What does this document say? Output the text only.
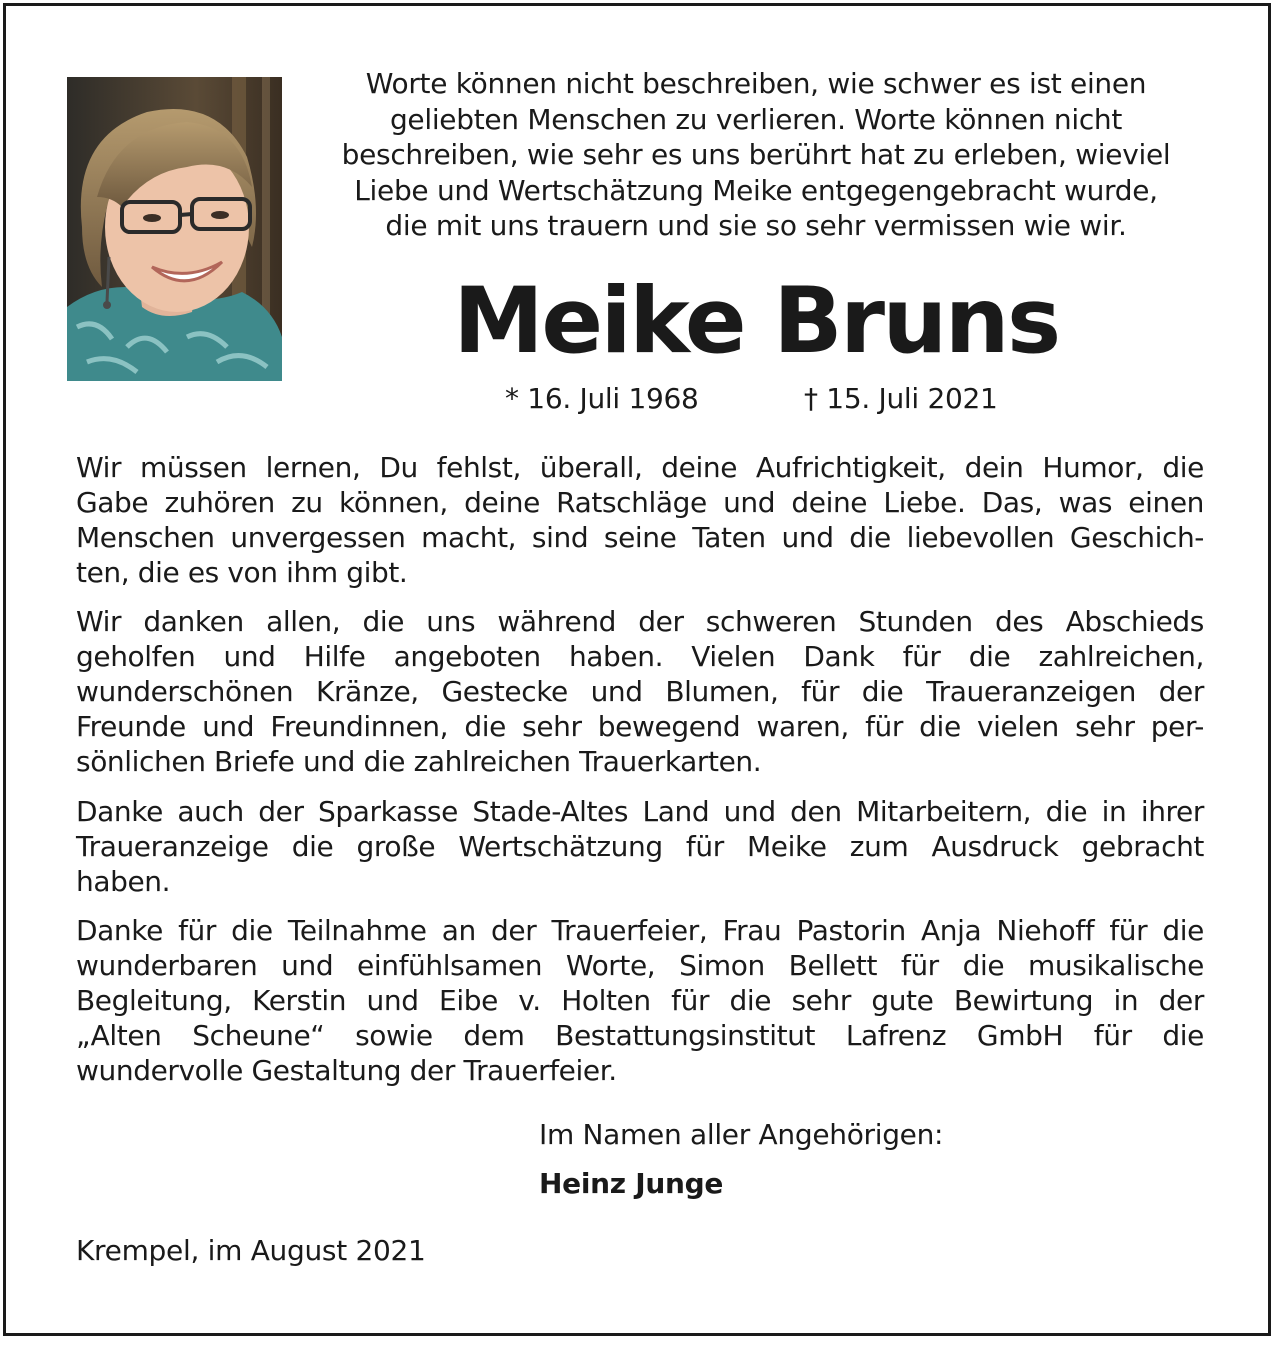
Worte können nicht beschreiben, wie schwer es ist einen
geliebten Menschen zu verlieren. Worte können nicht
beschreiben, wie sehr es uns berührt hat zu erleben, wieviel
Liebe und Wertschätzung Meike entgegengebracht wurde,
die mit uns trauern und sie so sehr vermissen wie wir.
Meike Bruns
* 16. Juli 1968	† 15. Juli 2021
Wir müssen lernen, Du fehlst, überall, deine Aufrichtigkeit, dein Humor, die
Gabe zuhören zu können, deine Ratschläge und deine Liebe. Das, was einen
Menschen unvergessen macht, sind seine Taten und die liebevollen Geschich-
ten, die es von ihm gibt.
Wir danken allen, die uns während der schweren Stunden des Abschieds
geholfen und Hilfe angeboten haben. Vielen Dank für die zahlreichen,
wunderschönen Kränze, Gestecke und Blumen, für die Traueranzeigen der
Freunde und Freundinnen, die sehr bewegend waren, für die vielen sehr per-
sönlichen Briefe und die zahlreichen Trauerkarten.
Danke auch der Sparkasse Stade-Altes Land und den Mitarbeitern, die in ihrer
Traueranzeige die große Wertschätzung für Meike zum Ausdruck gebracht
haben.
Danke für die Teilnahme an der Trauerfeier, Frau Pastorin Anja Niehoff für die
wunderbaren und einfühlsamen Worte, Simon Bellett für die musikalische
Begleitung, Kerstin und Eibe v. Holten für die sehr gute Bewirtung in der
„Alten Scheune“ sowie dem Bestattungsinstitut Lafrenz GmbH für die
wundervolle Gestaltung der Trauerfeier.
Im Namen aller Angehörigen:
Heinz Junge
Krempel, im August 2021
